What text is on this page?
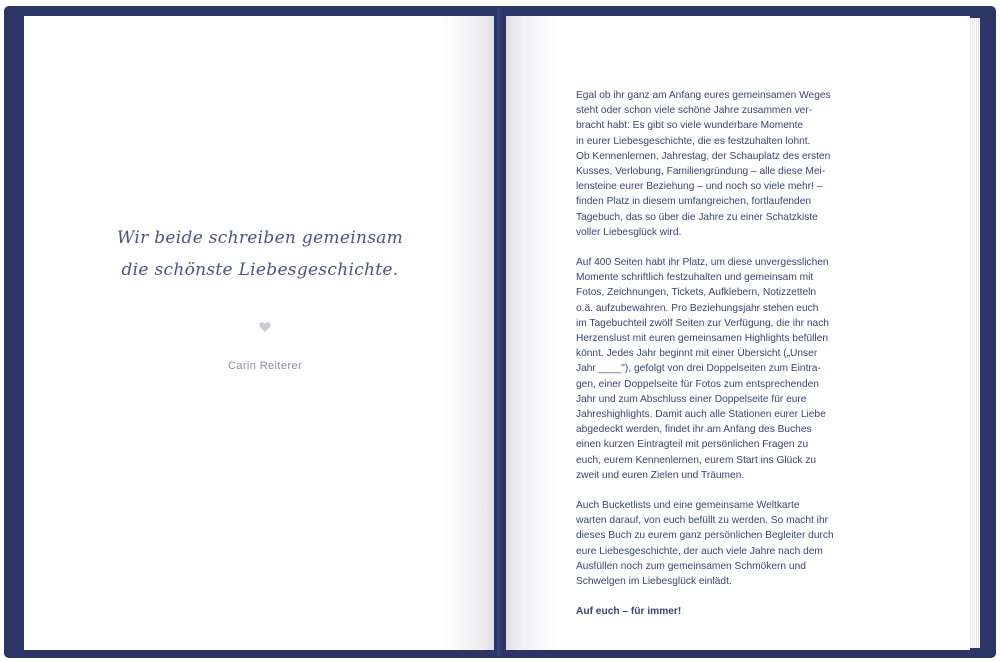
Wir beide schreiben gemeinsam
die schönste Liebesgeschichte.
Carin Reiterer
Egal ob ihr ganz am Anfang eures gemeinsamen Weges
steht oder schon viele schöne Jahre zusammen ver-
bracht habt: Es gibt so viele wunderbare Momente
in eurer Liebesgeschichte, die es festzuhalten lohnt.
Ob Kennenlernen, Jahrestag, der Schauplatz des ersten
Kusses, Verlobung, Familiengründung – alle diese Mei-
lensteine eurer Beziehung – und noch so viele mehr! –
finden Platz in diesem umfangreichen, fortlaufenden
Tagebuch, das so über die Jahre zu einer Schatzkiste
voller Liebesglück wird.
Auf 400 Seiten habt ihr Platz, um diese unvergesslichen
Momente schriftlich festzuhalten und gemeinsam mit
Fotos, Zeichnungen, Tickets, Aufklebern, Notizzetteln
o.ä. aufzubewahren. Pro Beziehungsjahr stehen euch
im Tagebuchteil zwölf Seiten zur Verfügung, die ihr nach
Herzenslust mit euren gemeinsamen Highlights befüllen
könnt. Jedes Jahr beginnt mit einer Übersicht („Unser
Jahr ____"), gefolgt von drei Doppelseiten zum Eintra-
gen, einer Doppelseite für Fotos zum entsprechenden
Jahr und zum Abschluss einer Doppelseite für eure
Jahreshighlights. Damit auch alle Stationen eurer Liebe
abgedeckt werden, findet ihr am Anfang des Buches
einen kurzen Eintragteil mit persönlichen Fragen zu
euch, eurem Kennenlernen, eurem Start ins Glück zu
zweit und euren Zielen und Träumen.
Auch Bucketlists und eine gemeinsame Weltkarte
warten darauf, von euch befüllt zu werden. So macht ihr
dieses Buch zu eurem ganz persönlichen Begleiter durch
eure Liebesgeschichte, der auch viele Jahre nach dem
Ausfüllen noch zum gemeinsamen Schmökern und
Schwelgen im Liebesglück einlädt.
Auf euch – für immer!
